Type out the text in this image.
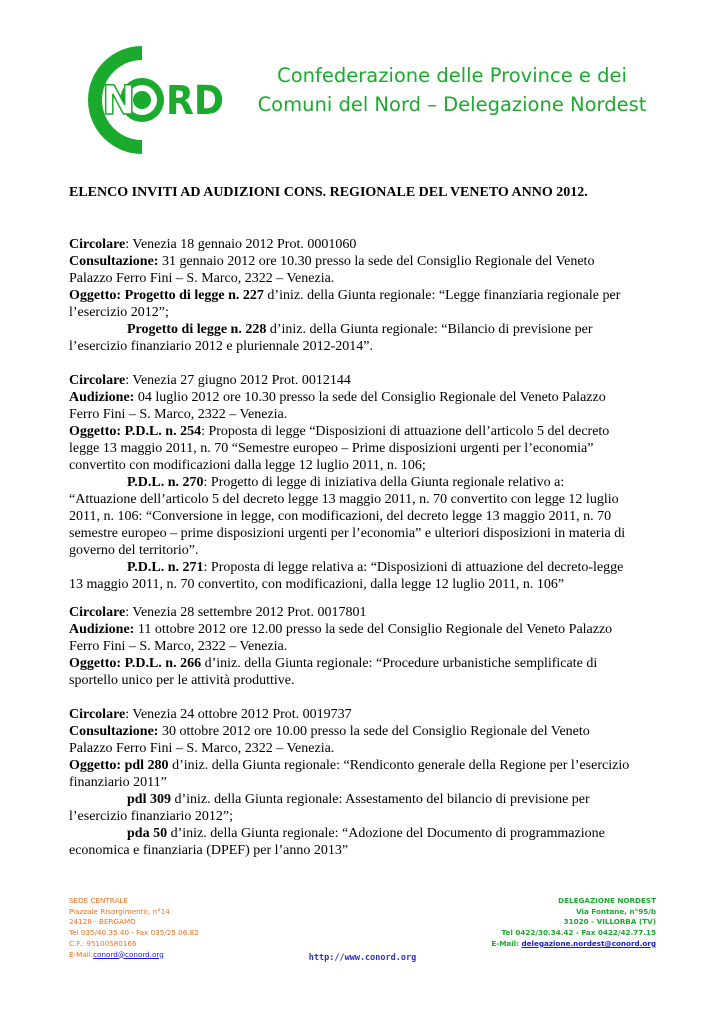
N RD
Confederazione delle Province e dei
Comuni del Nord – Delegazione Nordest
ELENCO INVITI AD AUDIZIONI CONS. REGIONALE DEL VENETO ANNO 2012.

Circolare: Venezia 18 gennaio 2012 Prot. 0001060

Consultazione: 31 gennaio 2012 ore 10.30 presso la sede del Consiglio Regionale del Veneto

Palazzo Ferro Fini – S. Marco, 2322 – Venezia.

Oggetto: Progetto di legge n. 227 d’iniz. della Giunta regionale: “Legge finanziaria regionale per

l’esercizio 2012”;

Progetto di legge n. 228 d’iniz. della Giunta regionale: “Bilancio di previsione per

l’esercizio finanziario 2012 e pluriennale 2012-2014”.

Circolare: Venezia 27 giugno 2012 Prot. 0012144

Audizione: 04 luglio 2012 ore 10.30 presso la sede del Consiglio Regionale del Veneto Palazzo

Ferro Fini – S. Marco, 2322 – Venezia.

Oggetto: P.D.L. n. 254: Proposta di legge “Disposizioni di attuazione dell’articolo 5 del decreto

legge 13 maggio 2011, n. 70 “Semestre europeo – Prime disposizioni urgenti per l’economia”

convertito con modificazioni dalla legge 12 luglio 2011, n. 106;

P.D.L. n. 270: Progetto di legge di iniziativa della Giunta regionale relativo a:

“Attuazione dell’articolo 5 del decreto legge 13 maggio 2011, n. 70 convertito con legge 12 luglio

2011, n. 106: “Conversione in legge, con modificazioni, del decreto legge 13 maggio 2011, n. 70

semestre europeo – prime disposizioni urgenti per l’economia” e ulteriori disposizioni in materia di

governo del territorio”.

P.D.L. n. 271: Proposta di legge relativa a: “Disposizioni di attuazione del decreto-legge

13 maggio 2011, n. 70 convertito, con modificazioni, dalla legge 12 luglio 2011, n. 106”

Circolare: Venezia 28 settembre 2012 Prot. 0017801

Audizione: 11 ottobre 2012 ore 12.00 presso la sede del Consiglio Regionale del Veneto Palazzo

Ferro Fini – S. Marco, 2322 – Venezia.

Oggetto: P.D.L. n. 266 d’iniz. della Giunta regionale: “Procedure urbanistiche semplificate di

sportello unico per le attività produttive.

Circolare: Venezia 24 ottobre 2012 Prot. 0019737

Consultazione: 30 ottobre 2012 ore 10.00 presso la sede del Consiglio Regionale del Veneto

Palazzo Ferro Fini – S. Marco, 2322 – Venezia.

Oggetto: pdl 280 d’iniz. della Giunta regionale: “Rendiconto generale della Regione per l’esercizio

finanziario 2011”

pdl 309 d’iniz. della Giunta regionale: Assestamento del bilancio di previsione per

l’esercizio finanziario 2012”;

pda 50 d’iniz. della Giunta regionale: “Adozione del Documento di programmazione

economica e finanziaria (DPEF) per l’anno 2013”

SEDE CENTRALE
Piazzale Risorgimento, n°14
24128 - BERGAMO
Tel 035/40.35.40 - Fax 035/25.06.82
C.F.: 95100580166
E-Mail:conord@conord.org
DELEGAZIONE NORDEST
Via Fontane, n°95/b
31020 - VILLORBA (TV)
Tel 0422/30.34.42 - Fax 0422/42.77.15
E-Mail: delegazione.nordest@conord.org
http://www.conord.org
